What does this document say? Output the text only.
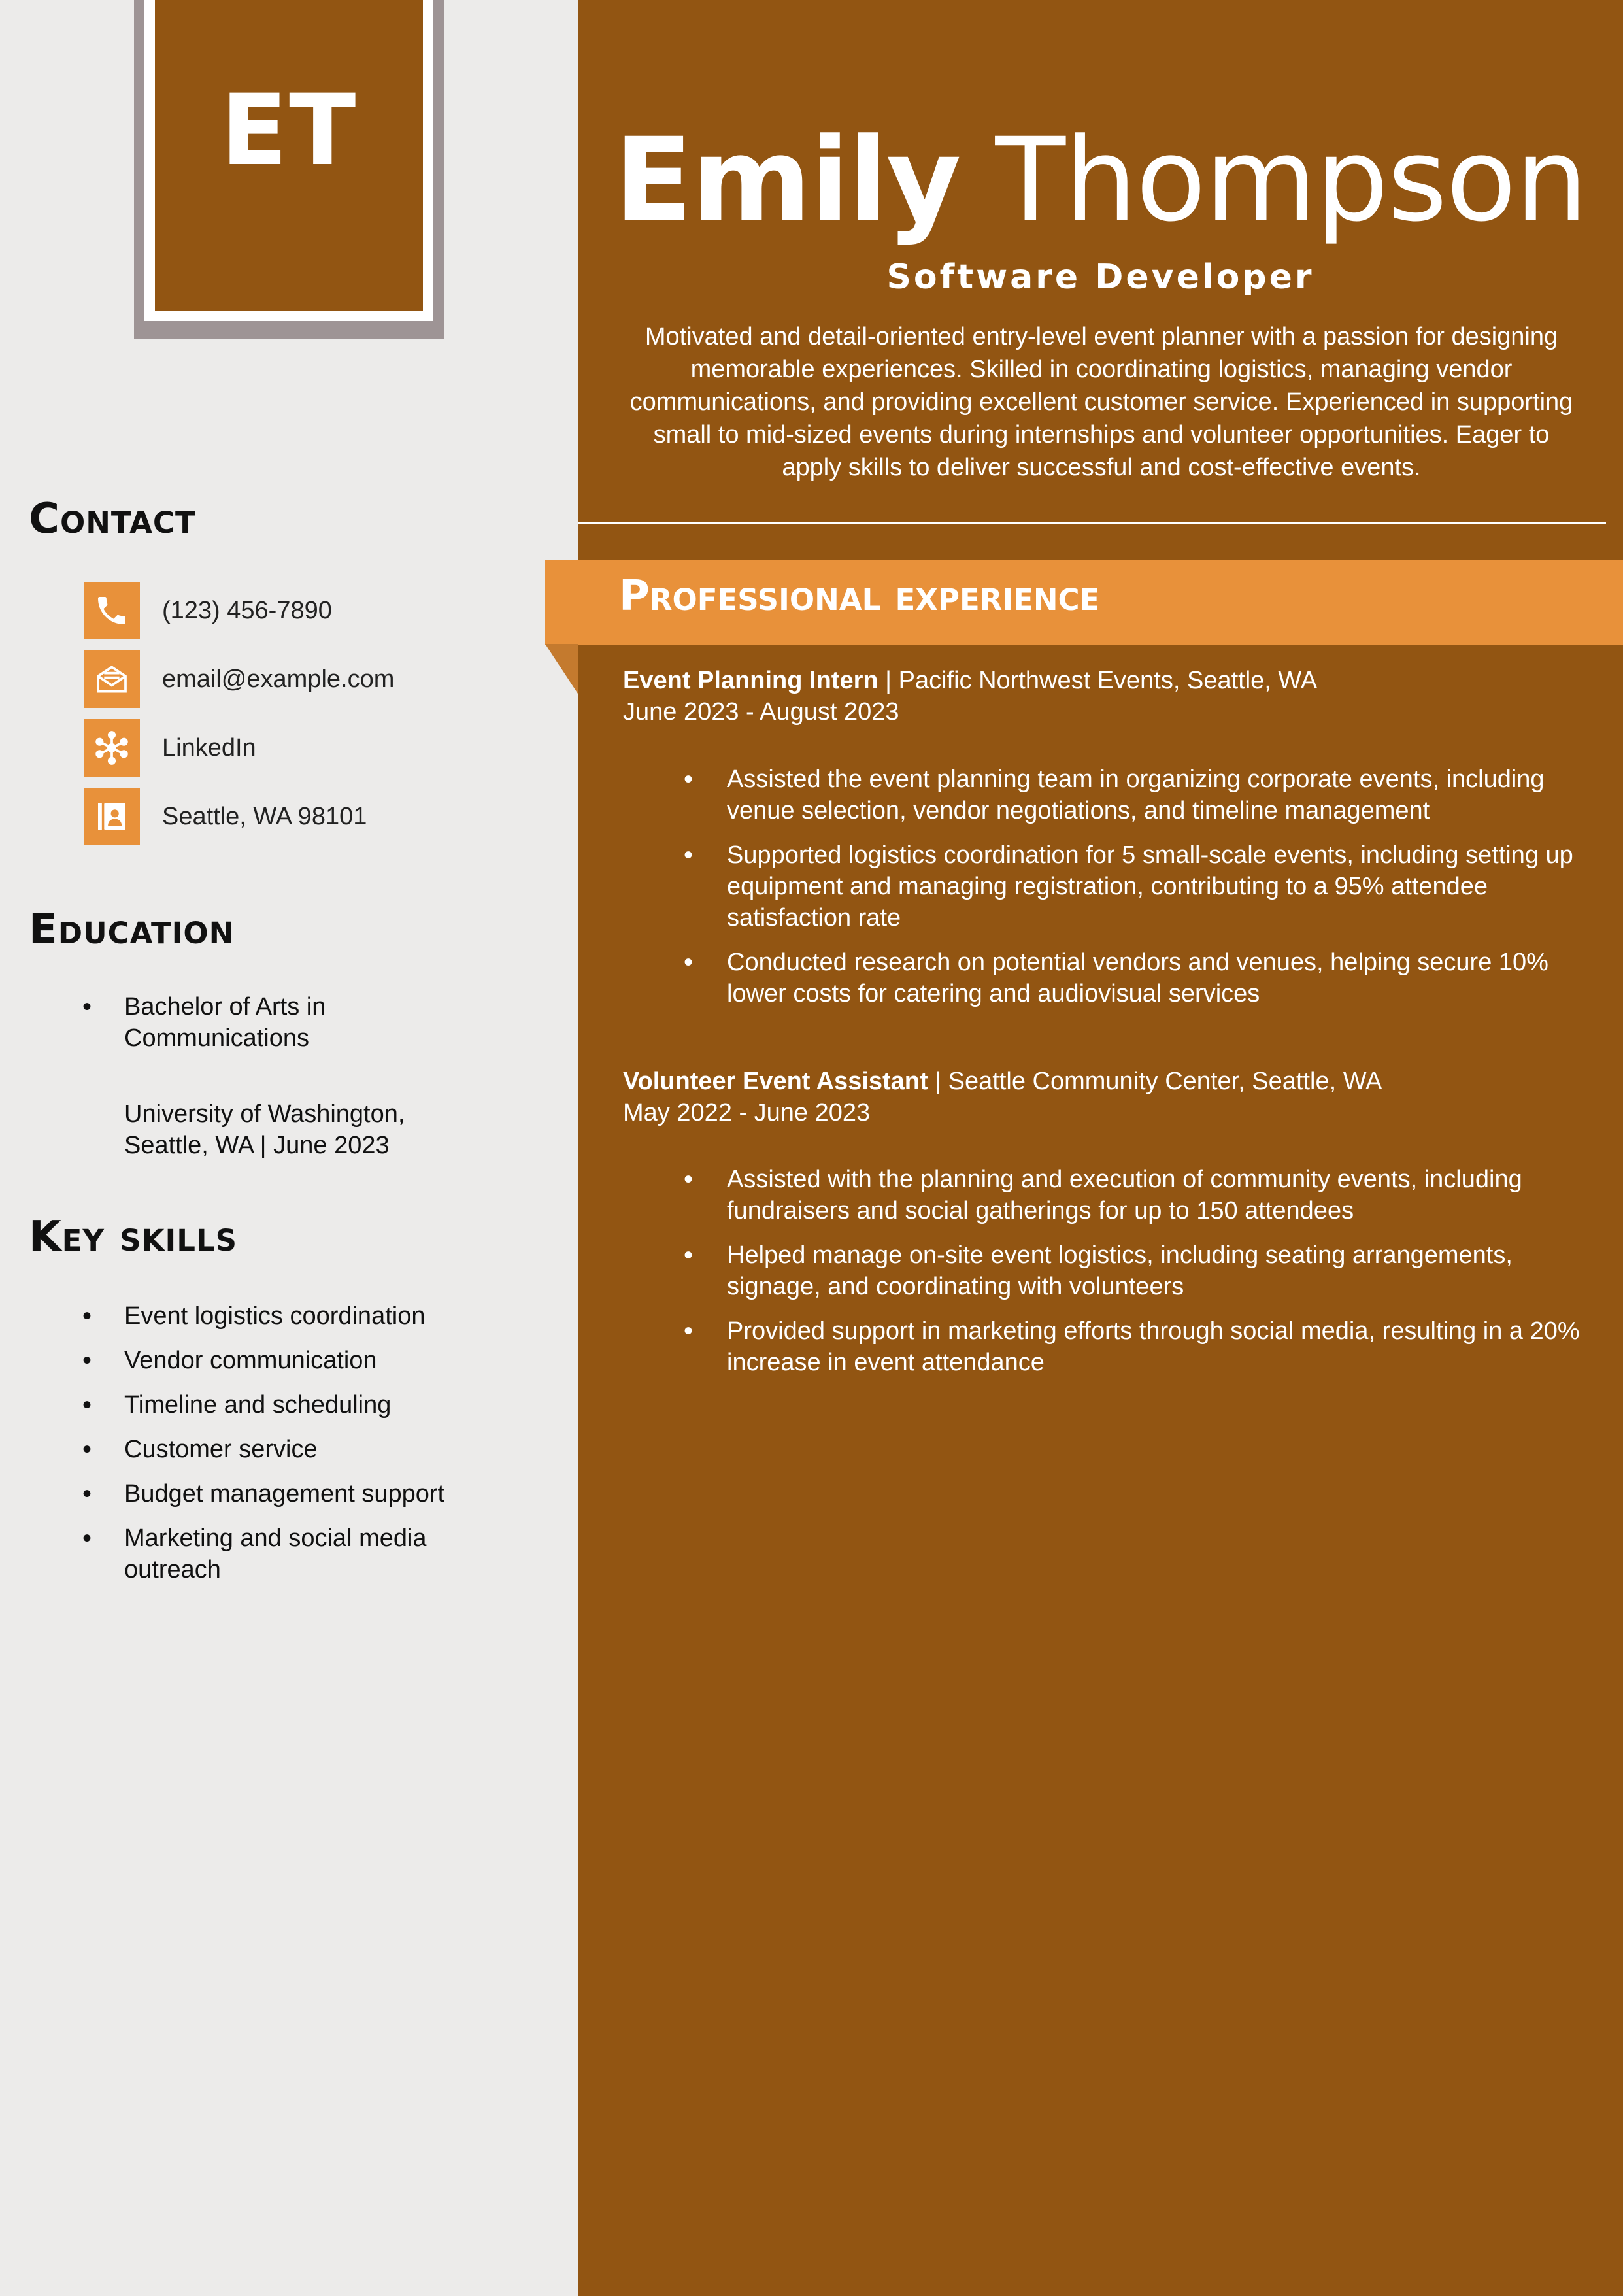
ET
Contact
(123) 456-7890
email@example.com
LinkedIn
Seattle, WA 98101
Education
• Bachelor of Arts in Communications
University of Washington, Seattle, WA | June 2023
Key skills
• Event logistics coordination
• Vendor communication
• Timeline and scheduling
• Customer service
• Budget management support
• Marketing and social media outreach
Emily Thompson
Software Developer

Motivated and detail-oriented entry-level event planner with a passion for designing memorable experiences. Skilled in coordinating logistics, managing vendor communications, and providing excellent customer service. Experienced in supporting small to mid-sized events during internships and volunteer opportunities. Eager to apply skills to deliver successful and cost-effective events.

Professional experience
Event Planning Intern | Pacific Northwest Events, Seattle, WA
June 2023 - August 2023
• Assisted the event planning team in organizing corporate events, including venue selection, vendor negotiations, and timeline management
• Supported logistics coordination for 5 small-scale events, including setting up equipment and managing registration, contributing to a 95% attendee satisfaction rate
• Conducted research on potential vendors and venues, helping secure 10% lower costs for catering and audiovisual services
Volunteer Event Assistant | Seattle Community Center, Seattle, WA
May 2022 - June 2023
• Assisted with the planning and execution of community events, including fundraisers and social gatherings for up to 150 attendees
• Helped manage on-site event logistics, including seating arrangements, signage, and coordinating with volunteers
• Provided support in marketing efforts through social media, resulting in a 20% increase in event attendance
